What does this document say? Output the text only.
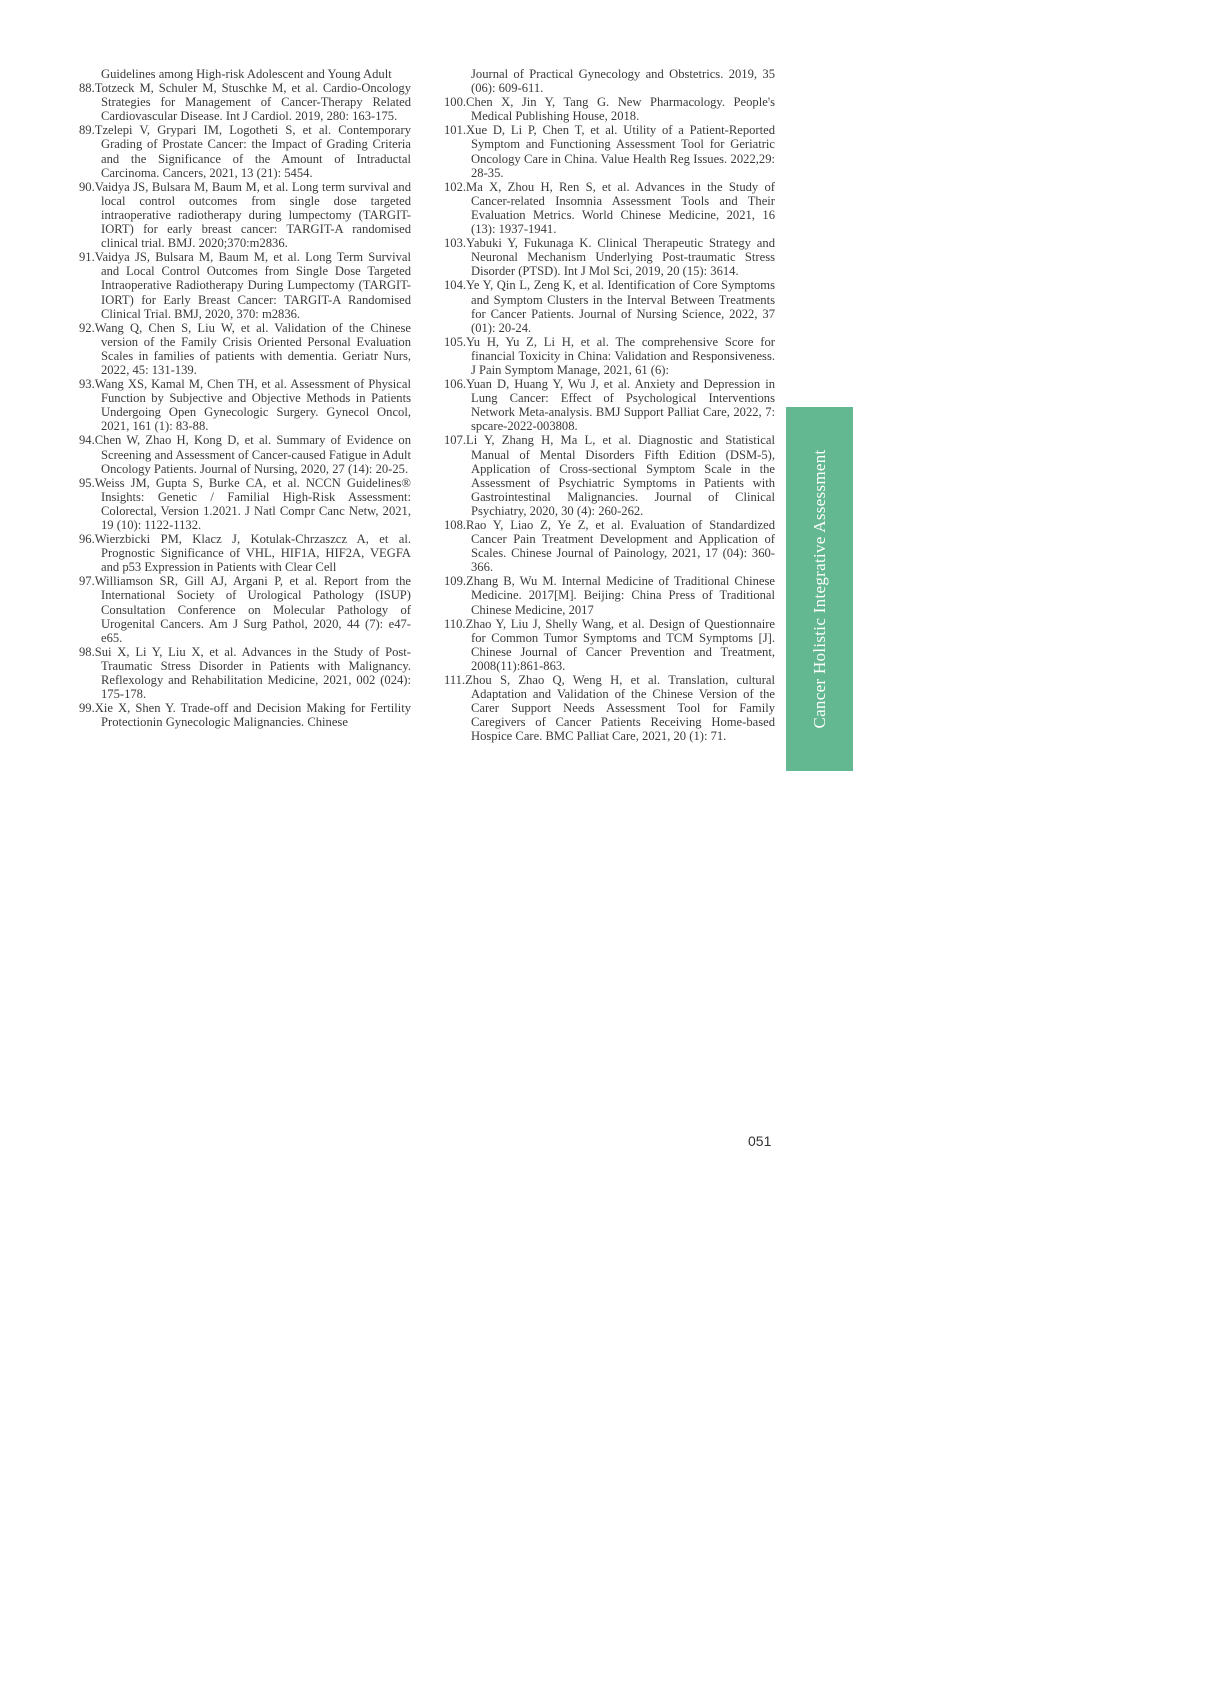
Guidelines among High-risk Adolescent and Young Adult

88.Totzeck M, Schuler M, Stuschke M, et al. Cardio-Oncology Strategies for Management of Cancer-Therapy Related Cardiovascular Disease. Int J Cardiol. 2019, 280: 163-175.

89.Tzelepi V, Grypari IM, Logotheti S, et al. Contemporary Grading of Prostate Cancer: the Impact of Grading Criteria and the Significance of the Amount of Intraductal Carcinoma. Cancers, 2021, 13 (21): 5454.

90.Vaidya JS, Bulsara M, Baum M, et al. Long term survival and local control outcomes from single dose targeted intraoperative radiotherapy during lumpectomy (TARGIT-IORT) for early breast cancer: TARGIT-A randomised clinical trial. BMJ. 2020;370:m2836.

91.Vaidya JS, Bulsara M, Baum M, et al. Long Term Survival and Local Control Outcomes from Single Dose Targeted Intraoperative Radiotherapy During Lumpectomy (TARGIT-IORT) for Early Breast Cancer: TARGIT-A Randomised Clinical Trial. BMJ, 2020, 370: m2836.

92.Wang Q, Chen S, Liu W, et al. Validation of the Chinese version of the Family Crisis Oriented Personal Evaluation Scales in families of patients with dementia. Geriatr Nurs, 2022, 45: 131-139.

93.Wang XS, Kamal M, Chen TH, et al. Assessment of Physical Function by Subjective and Objective Methods in Patients Undergoing Open Gynecologic Surgery. Gynecol Oncol, 2021, 161 (1): 83-88.

94.Chen W, Zhao H, Kong D, et al. Summary of Evidence on Screening and Assessment of Cancer-caused Fatigue in Adult Oncology Patients. Journal of Nursing, 2020, 27 (14): 20-25.

95.Weiss JM, Gupta S, Burke CA, et al. NCCN Guidelines® Insights: Genetic / Familial High-Risk Assessment: Colorectal, Version 1.2021. J Natl Compr Canc Netw, 2021, 19 (10): 1122-1132.

96.Wierzbicki PM, Klacz J, Kotulak-Chrzaszcz A, et al. Prognostic Significance of VHL, HIF1A, HIF2A, VEGFA and p53 Expression in Patients with Clear Cell

97.Williamson SR, Gill AJ, Argani P, et al. Report from the International Society of Urological Pathology (ISUP) Consultation Conference on Molecular Pathology of Urogenital Cancers. Am J Surg Pathol, 2020, 44 (7): e47-e65.

98.Sui X, Li Y, Liu X, et al. Advances in the Study of Post-Traumatic Stress Disorder in Patients with Malignancy. Reflexology and Rehabilitation Medicine, 2021, 002 (024): 175-178.

99.Xie X, Shen Y. Trade-off and Decision Making for Fertility Protectionin Gynecologic Malignancies. Chinese

Journal of Practical Gynecology and Obstetrics. 2019, 35 (06): 609-611.

100.Chen X, Jin Y, Tang G. New Pharmacology. People's Medical Publishing House, 2018.

101.Xue D, Li P, Chen T, et al. Utility of a Patient-Reported Symptom and Functioning Assessment Tool for Geriatric Oncology Care in China. Value Health Reg Issues. 2022,29: 28-35.

102.Ma X, Zhou H, Ren S, et al. Advances in the Study of Cancer-related Insomnia Assessment Tools and Their Evaluation Metrics. World Chinese Medicine, 2021, 16 (13): 1937-1941.

103.Yabuki Y, Fukunaga K. Clinical Therapeutic Strategy and Neuronal Mechanism Underlying Post-traumatic Stress Disorder (PTSD). Int J Mol Sci, 2019, 20 (15): 3614.

104.Ye Y, Qin L, Zeng K, et al. Identification of Core Symptoms and Symptom Clusters in the Interval Between Treatments for Cancer Patients. Journal of Nursing Science, 2022, 37 (01): 20-24.

105.Yu H, Yu Z, Li H, et al. The comprehensive Score for financial Toxicity in China: Validation and Responsiveness. J Pain Symptom Manage, 2021, 61 (6):

106.Yuan D, Huang Y, Wu J, et al. Anxiety and Depression in Lung Cancer: Effect of Psychological Interventions Network Meta-analysis. BMJ Support Palliat Care, 2022, 7: spcare-2022-003808.

107.Li Y, Zhang H, Ma L, et al. Diagnostic and Statistical Manual of Mental Disorders Fifth Edition (DSM-5), Application of Cross-sectional Symptom Scale in the Assessment of Psychiatric Symptoms in Patients with Gastrointestinal Malignancies. Journal of Clinical Psychiatry, 2020, 30 (4): 260-262.

108.Rao Y, Liao Z, Ye Z, et al. Evaluation of Standardized Cancer Pain Treatment Development and Application of Scales. Chinese Journal of Painology, 2021, 17 (04): 360-366.

109.Zhang B, Wu M. Internal Medicine of Traditional Chinese Medicine. 2017[M]. Beijing: China Press of Traditional Chinese Medicine, 2017

110.Zhao Y, Liu J, Shelly Wang, et al. Design of Questionnaire for Common Tumor Symptoms and TCM Symptoms [J]. Chinese Journal of Cancer Prevention and Treatment, 2008(11):861-863.

111.Zhou S, Zhao Q, Weng H, et al. Translation, cultural Adaptation and Validation of the Chinese Version of the Carer Support Needs Assessment Tool for Family Caregivers of Cancer Patients Receiving Home-based Hospice Care. BMC Palliat Care, 2021, 20 (1): 71.

Cancer Holistic Integrative Assessment
051
